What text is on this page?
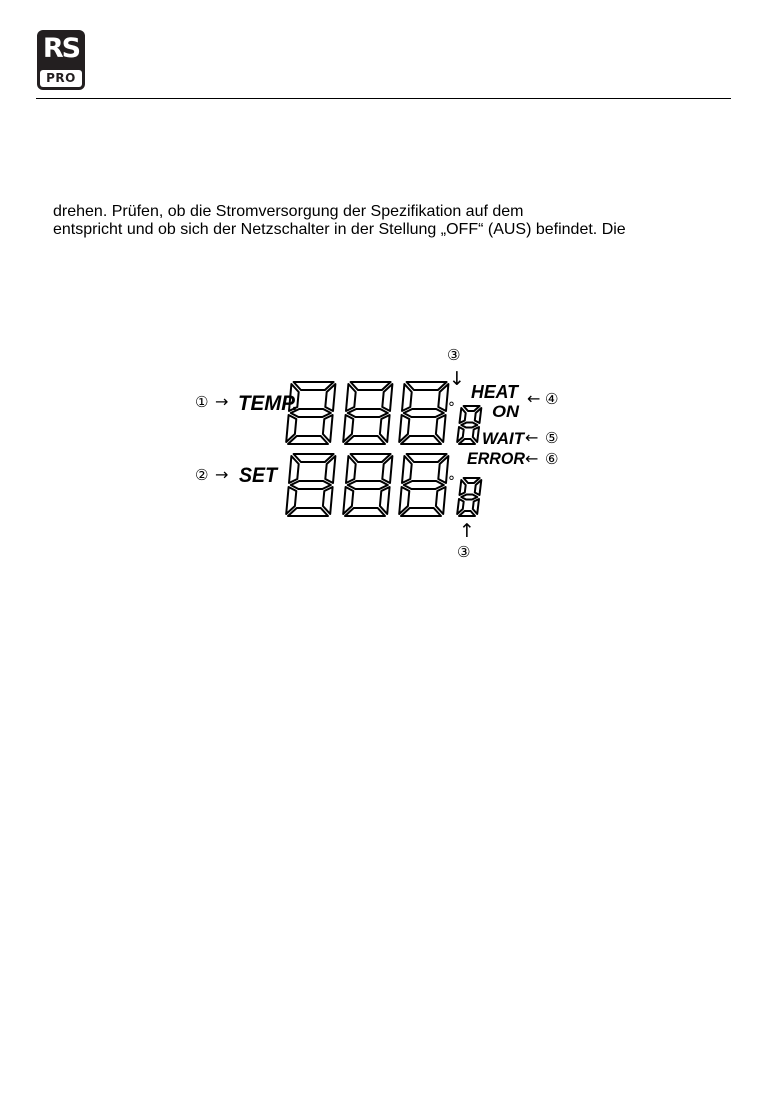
RS
PRO
drehen. Prüfen, ob die Stromversorgung der Spezifikation auf dem
entspricht und ob sich der Netzschalter in der Stellung „OFF“ (AUS) befindet. Die
① → TEMP.	°
③
↓
HEAT ← ④
ON
WAIT ← ⑤
ERROR ← ⑥
② → SET	°
↑
③
